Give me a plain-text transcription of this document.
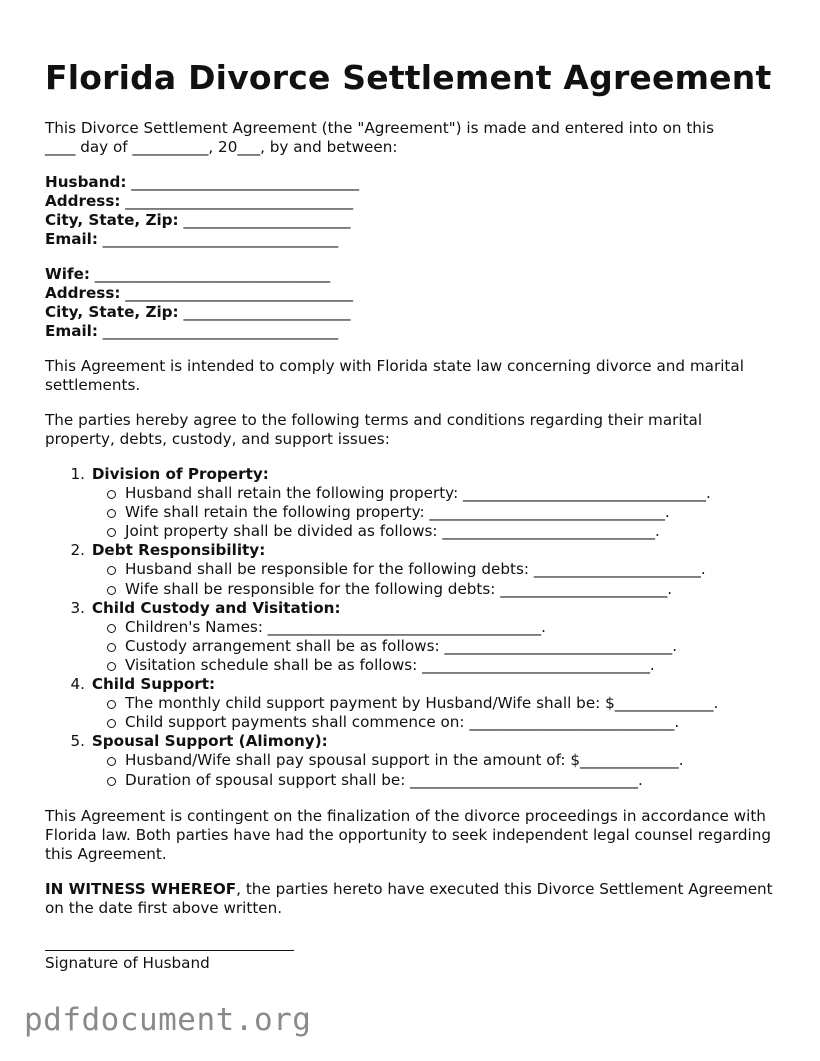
Florida Divorce Settlement Agreement

This Divorce Settlement Agreement (the "Agreement") is made and entered into on this
____ day of __________, 20___, by and between:

Husband: ______________________________
Address: ______________________________
City, State, Zip: ______________________
Email: _______________________________
Wife: _______________________________
Address: ______________________________
City, State, Zip: ______________________
Email: _______________________________

This Agreement is intended to comply with Florida state law concerning divorce and marital settlements.

The parties hereby agree to the following terms and conditions regarding their marital property, debts, custody, and support issues:

1. Division of Property:
Husband shall retain the following property: ________________________________.
Wife shall retain the following property: _______________________________.
Joint property shall be divided as follows: ____________________________.
2. Debt Responsibility:
Husband shall be responsible for the following debts: ______________________.
Wife shall be responsible for the following debts: ______________________.
3. Child Custody and Visitation:
Children's Names: ____________________________________.
Custody arrangement shall be as follows: ______________________________.
Visitation schedule shall be as follows: ______________________________.
4. Child Support:
The monthly child support payment by Husband/Wife shall be: $_____________.
Child support payments shall commence on: ___________________________.
5. Spousal Support (Alimony):
Husband/Wife shall pay spousal support in the amount of: $_____________.
Duration of spousal support shall be: ______________________________.

This Agreement is contingent on the finalization of the divorce proceedings in accordance with Florida law. Both parties have had the opportunity to seek independent legal counsel regarding this Agreement.

IN WITNESS WHEREOF, the parties hereto have executed this Divorce Settlement Agreement on the date first above written.

Signature of Husband
pdfdocument.org
